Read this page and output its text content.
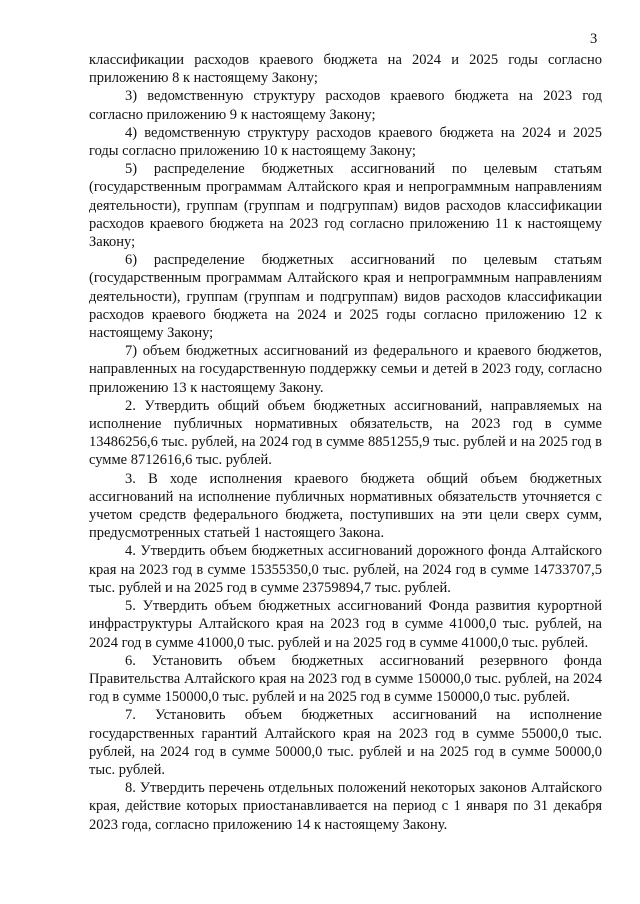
3

классификации расходов краевого бюджета на 2024 и 2025 годы согласно приложению 8 к настоящему Закону;

3) ведомственную структуру расходов краевого бюджета на 2023 год согласно приложению 9 к настоящему Закону;

4) ведомственную структуру расходов краевого бюджета на 2024 и 2025 годы согласно приложению 10 к настоящему Закону;

5) распределение бюджетных ассигнований по целевым статьям (государственным программам Алтайского края и непрограммным направлениям деятельности), группам (группам и подгруппам) видов расходов классификации расходов краевого бюджета на 2023 год согласно приложению 11 к настоящему Закону;

6) распределение бюджетных ассигнований по целевым статьям (государственным программам Алтайского края и непрограммным направлениям деятельности), группам (группам и подгруппам) видов расходов классификации расходов краевого бюджета на 2024 и 2025 годы согласно приложению 12 к настоящему Закону;

7) объем бюджетных ассигнований из федерального и краевого бюджетов, направленных на государственную поддержку семьи и детей в 2023 году, согласно приложению 13 к настоящему Закону.

2. Утвердить общий объем бюджетных ассигнований, направляемых на исполнение публичных нормативных обязательств, на 2023 год в сумме 13486256,6 тыс. рублей, на 2024 год в сумме 8851255,9 тыс. рублей и на 2025 год в сумме 8712616,6 тыс. рублей.

3. В ходе исполнения краевого бюджета общий объем бюджетных ассигнований на исполнение публичных нормативных обязательств уточняется с учетом средств федерального бюджета, поступивших на эти цели сверх сумм, предусмотренных статьей 1 настоящего Закона.

4. Утвердить объем бюджетных ассигнований дорожного фонда Алтайского края на 2023 год в сумме 15355350,0 тыс. рублей, на 2024 год в сумме 14733707,5 тыс. рублей и на 2025 год в сумме 23759894,7 тыс. рублей.

5. Утвердить объем бюджетных ассигнований Фонда развития курортной инфраструктуры Алтайского края на 2023 год в сумме 41000,0 тыс. рублей, на 2024 год в сумме 41000,0 тыс. рублей и на 2025 год в сумме 41000,0 тыс. рублей.

6. Установить объем бюджетных ассигнований резервного фонда Правительства Алтайского края на 2023 год в сумме 150000,0 тыс. рублей, на 2024 год в сумме 150000,0 тыс. рублей и на 2025 год в сумме 150000,0 тыс. рублей.

7. Установить объем бюджетных ассигнований на исполнение государственных гарантий Алтайского края на 2023 год в сумме 55000,0 тыс. рублей, на 2024 год в сумме 50000,0 тыс. рублей и на 2025 год в сумме 50000,0 тыс. рублей.

8. Утвердить перечень отдельных положений некоторых законов Алтайского края, действие которых приостанавливается на период с 1 января по 31 декабря 2023 года, согласно приложению 14 к настоящему Закону.
